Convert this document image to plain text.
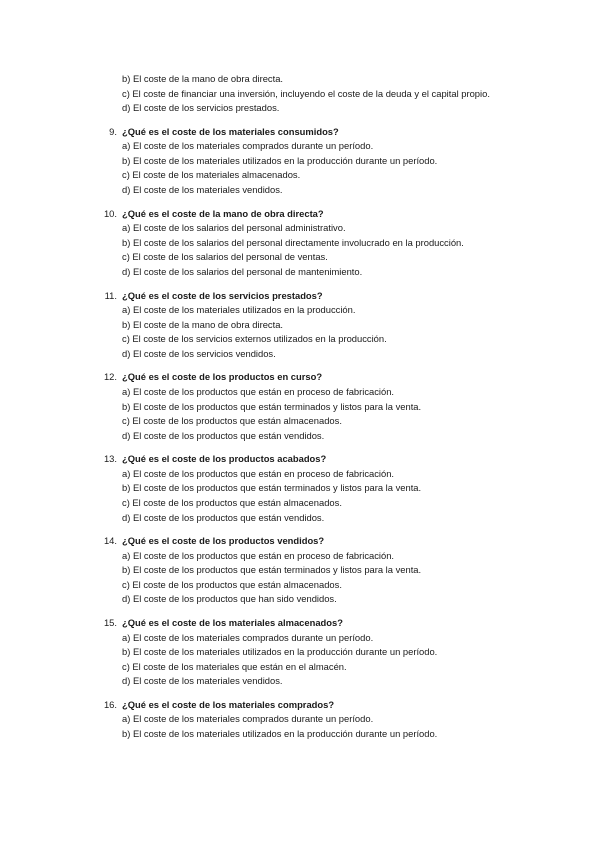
b) El coste de la mano de obra directa.
c) El coste de financiar una inversión, incluyendo el coste de la deuda y el capital propio.
d) El coste de los servicios prestados.
9. ¿Qué es el coste de los materiales consumidos?
a) El coste de los materiales comprados durante un período.
b) El coste de los materiales utilizados en la producción durante un período.
c) El coste de los materiales almacenados.
d) El coste de los materiales vendidos.
10. ¿Qué es el coste de la mano de obra directa?
a) El coste de los salarios del personal administrativo.
b) El coste de los salarios del personal directamente involucrado en la producción.
c) El coste de los salarios del personal de ventas.
d) El coste de los salarios del personal de mantenimiento.
11. ¿Qué es el coste de los servicios prestados?
a) El coste de los materiales utilizados en la producción.
b) El coste de la mano de obra directa.
c) El coste de los servicios externos utilizados en la producción.
d) El coste de los servicios vendidos.
12. ¿Qué es el coste de los productos en curso?
a) El coste de los productos que están en proceso de fabricación.
b) El coste de los productos que están terminados y listos para la venta.
c) El coste de los productos que están almacenados.
d) El coste de los productos que están vendidos.
13. ¿Qué es el coste de los productos acabados?
a) El coste de los productos que están en proceso de fabricación.
b) El coste de los productos que están terminados y listos para la venta.
c) El coste de los productos que están almacenados.
d) El coste de los productos que están vendidos.
14. ¿Qué es el coste de los productos vendidos?
a) El coste de los productos que están en proceso de fabricación.
b) El coste de los productos que están terminados y listos para la venta.
c) El coste de los productos que están almacenados.
d) El coste de los productos que han sido vendidos.
15. ¿Qué es el coste de los materiales almacenados?
a) El coste de los materiales comprados durante un período.
b) El coste de los materiales utilizados en la producción durante un período.
c) El coste de los materiales que están en el almacén.
d) El coste de los materiales vendidos.
16. ¿Qué es el coste de los materiales comprados?
a) El coste de los materiales comprados durante un período.
b) El coste de los materiales utilizados en la producción durante un período.
